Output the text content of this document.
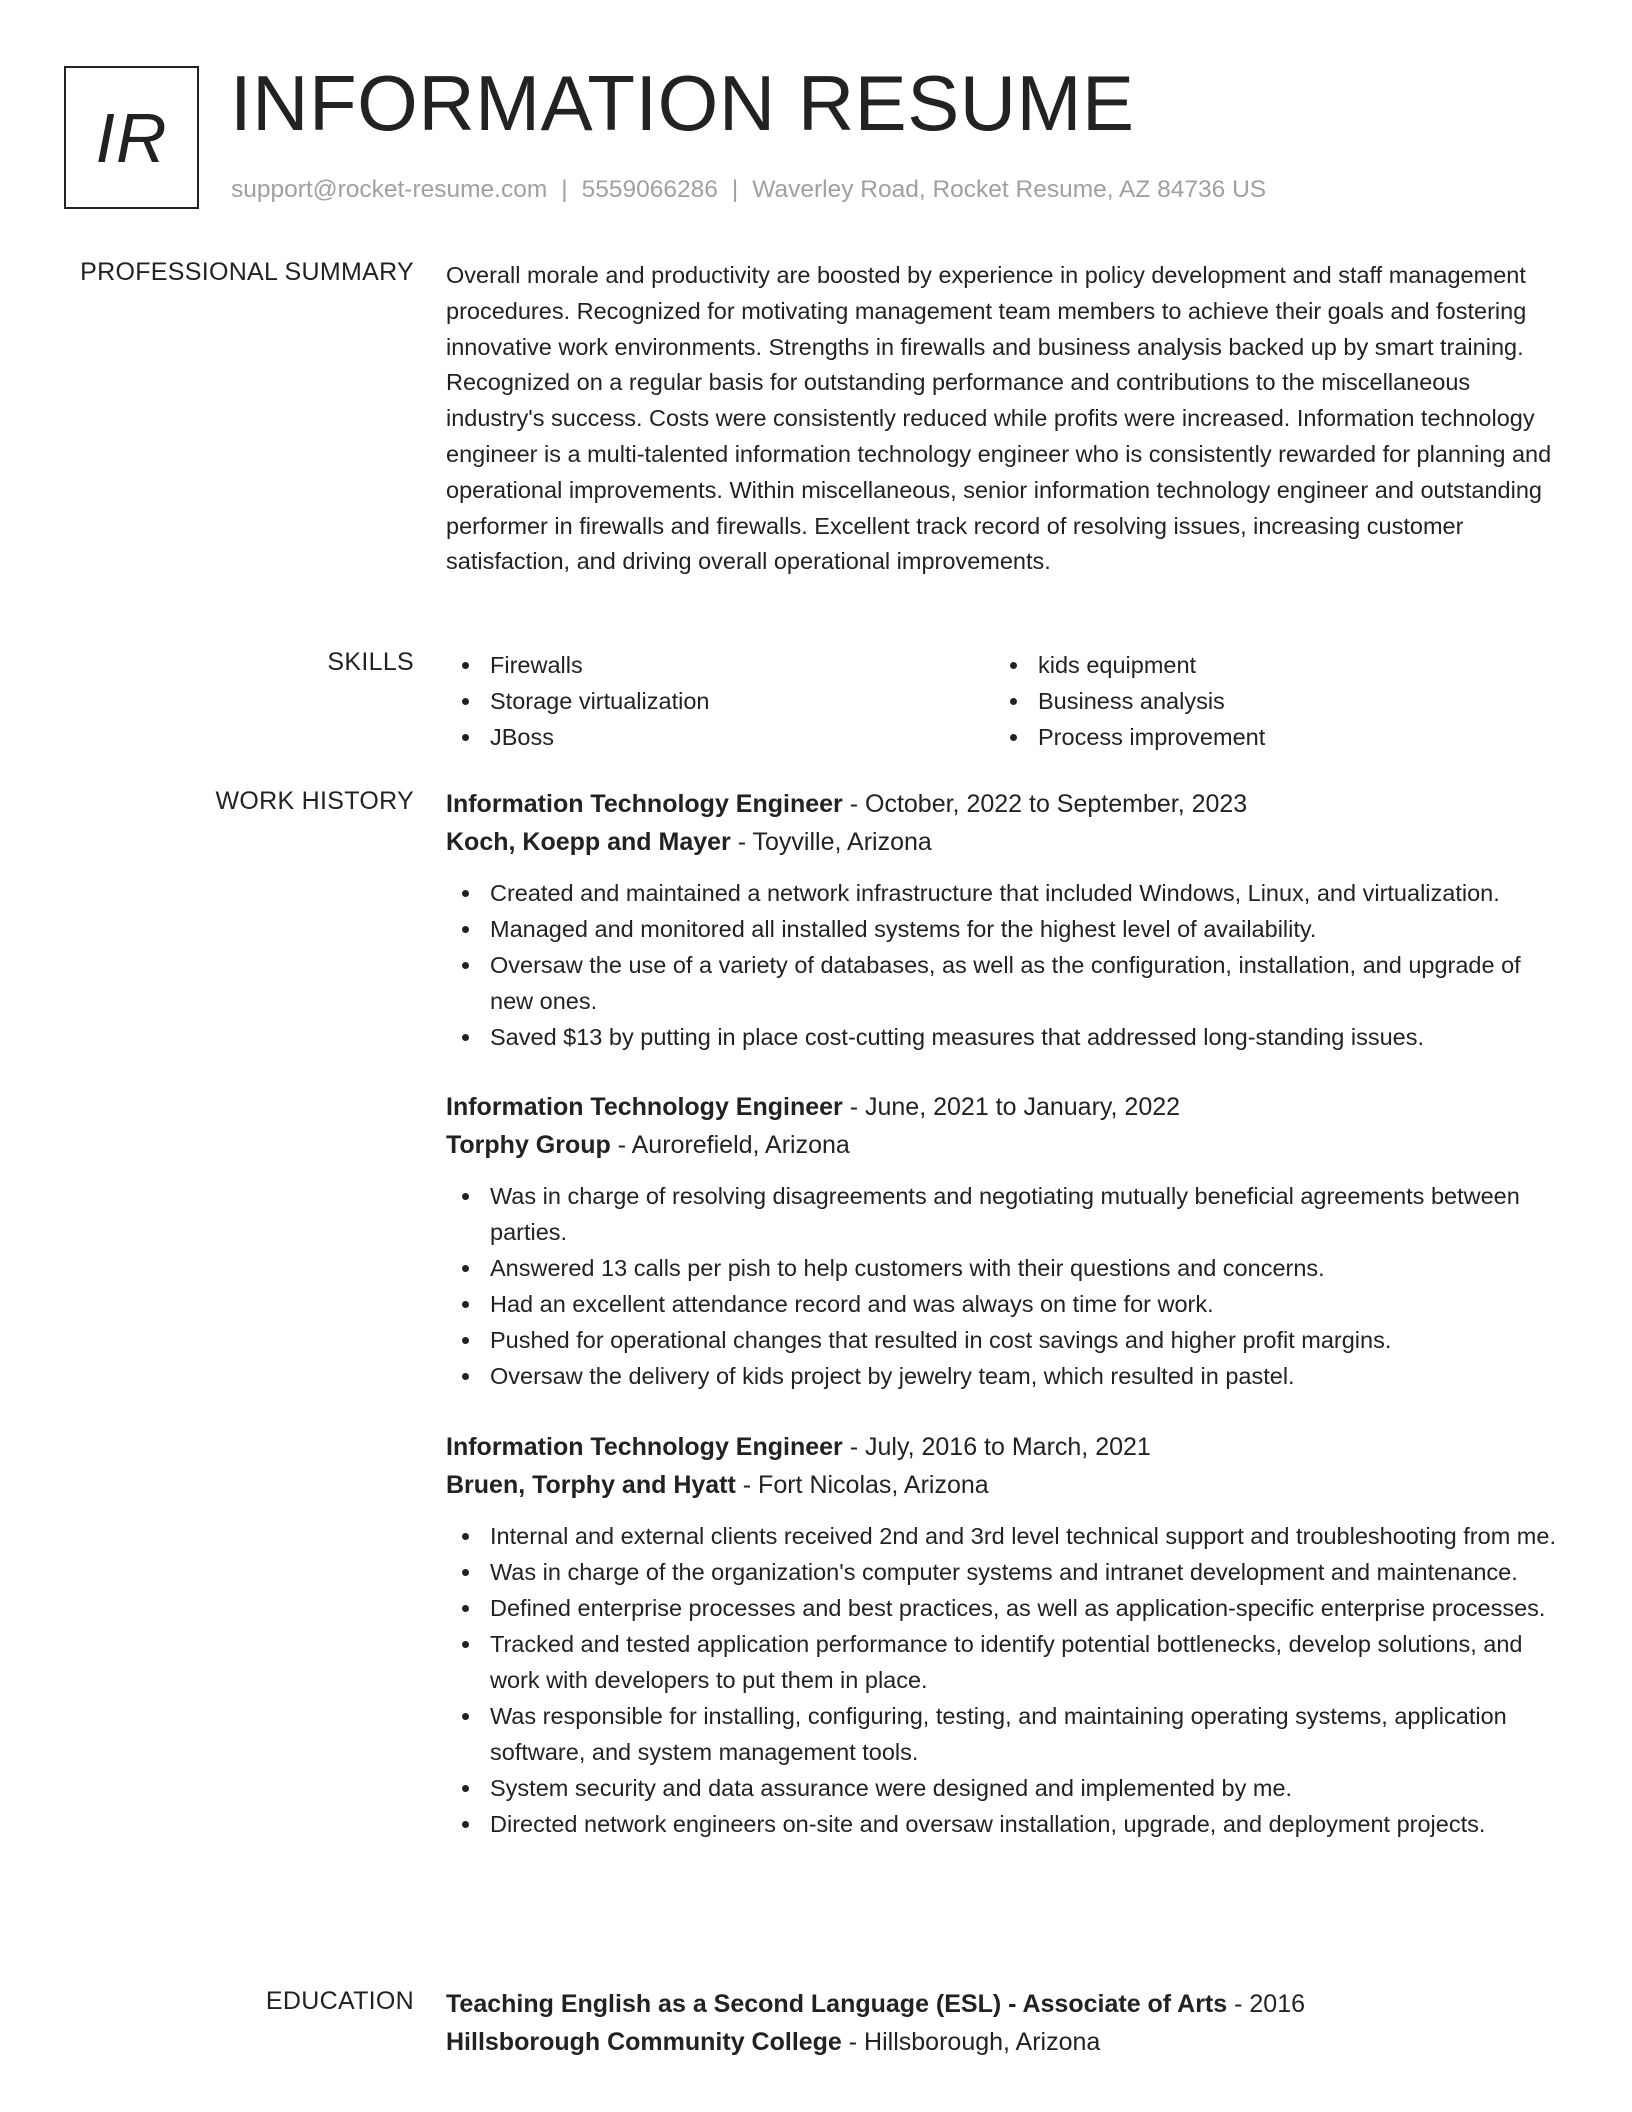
IR INFORMATION RESUME
support@rocket-resume.com | 5559066286 | Waverley Road, Rocket Resume, AZ 84736 US
PROFESSIONAL SUMMARY Overall morale and productivity are boosted by experience in policy development and staff management procedures. Recognized for motivating management team members to achieve their goals and fostering innovative work environments. Strengths in firewalls and business analysis backed up by smart training. Recognized on a regular basis for outstanding performance and contributions to the miscellaneous industry's success. Costs were consistently reduced while profits were increased. Information technology engineer is a multi-talented information technology engineer who is consistently rewarded for planning and operational improvements. Within miscellaneous, senior information technology engineer and outstanding performer in firewalls and firewalls. Excellent track record of resolving issues, increasing customer satisfaction, and driving overall operational improvements.
SKILLS	Firewalls
Storage virtualization
JBoss
kids equipment
Business analysis
Process improvement
WORK HISTORY Information Technology Engineer - October, 2022 to September, 2023
Koch, Koepp and Mayer - Toyville, Arizona
Created and maintained a network infrastructure that included Windows, Linux, and virtualization.
Managed and monitored all installed systems for the highest level of availability.
Oversaw the use of a variety of databases, as well as the configuration, installation, and upgrade of new ones.
Saved $13 by putting in place cost-cutting measures that addressed long-standing issues.
Information Technology Engineer - June, 2021 to January, 2022
Torphy Group - Aurorefield, Arizona
Was in charge of resolving disagreements and negotiating mutually beneficial agreements between parties.
Answered 13 calls per pish to help customers with their questions and concerns.
Had an excellent attendance record and was always on time for work.
Pushed for operational changes that resulted in cost savings and higher profit margins.
Oversaw the delivery of kids project by jewelry team, which resulted in pastel.
Information Technology Engineer - July, 2016 to March, 2021
Bruen, Torphy and Hyatt - Fort Nicolas, Arizona
Internal and external clients received 2nd and 3rd level technical support and troubleshooting from me.
Was in charge of the organization's computer systems and intranet development and maintenance.
Defined enterprise processes and best practices, as well as application-specific enterprise processes.
Tracked and tested application performance to identify potential bottlenecks, develop solutions, and work with developers to put them in place.
Was responsible for installing, configuring, testing, and maintaining operating systems, application software, and system management tools.
System security and data assurance were designed and implemented by me.
Directed network engineers on-site and oversaw installation, upgrade, and deployment projects.
EDUCATION Teaching English as a Second Language (ESL) - Associate of Arts - 2016
Hillsborough Community College - Hillsborough, Arizona
